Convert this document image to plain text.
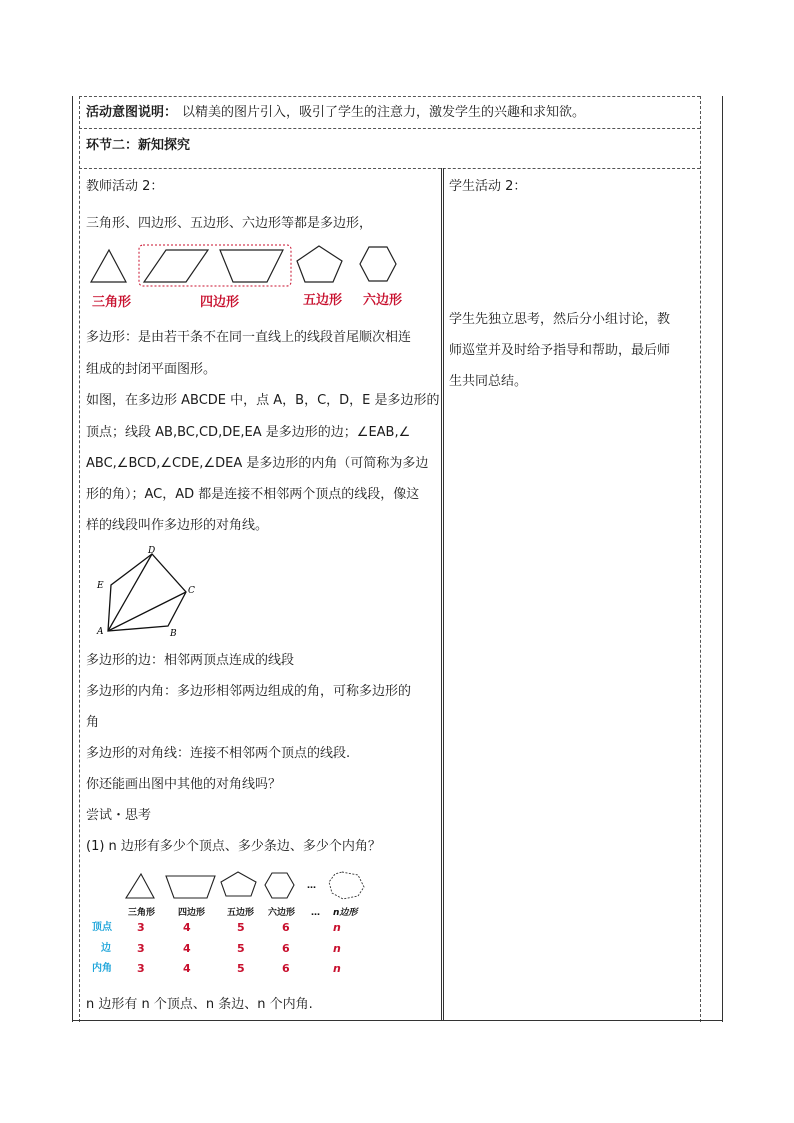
活动意图说明： 以精美的图片引入，吸引了学生的注意力，激发学生的兴趣和求知欲。
环节二：新知探究
教师活动 2：
三角形、四边形、五边形、六边形等都是多边形，
三角形	四边形	五边形 六边形
多边形：是由若干条不在同一直线上的线段首尾顺次相连
组成的封闭平面图形。
如图，在多边形 ABCDE 中，点 A，B，C，D，E 是多边形的
顶点；线段 AB,BC,CD,DE,EA 是多边形的边；∠EAB,∠
ABC,∠BCD,∠CDE,∠DEA 是多边形的内角（可简称为多边
形的角）；AC，AD 都是连接不相邻两个顶点的线段，像这
样的线段叫作多边形的对角线。
A	B
C
D
E
多边形的边：相邻两顶点连成的线段
多边形的内角：多边形相邻两边组成的角，可称多边形的
角
多边形的对角线：连接不相邻两个顶点的线段.
你还能画出图中其他的对角线吗？
尝试・思考
(1) n 边形有多少个顶点、多少条边、多少个内角？
…
三角形	四边形 五边形 六边形 … n边形
顶点 3	4	5	6	n
边 3	4	5	6	n
内角 3	4	5	6	n
n 边形有 n 个顶点、n 条边、n 个内角.
学生活动 2：
学生先独立思考，然后分小组讨论，教
师巡堂并及时给予指导和帮助，最后师
生共同总结。
